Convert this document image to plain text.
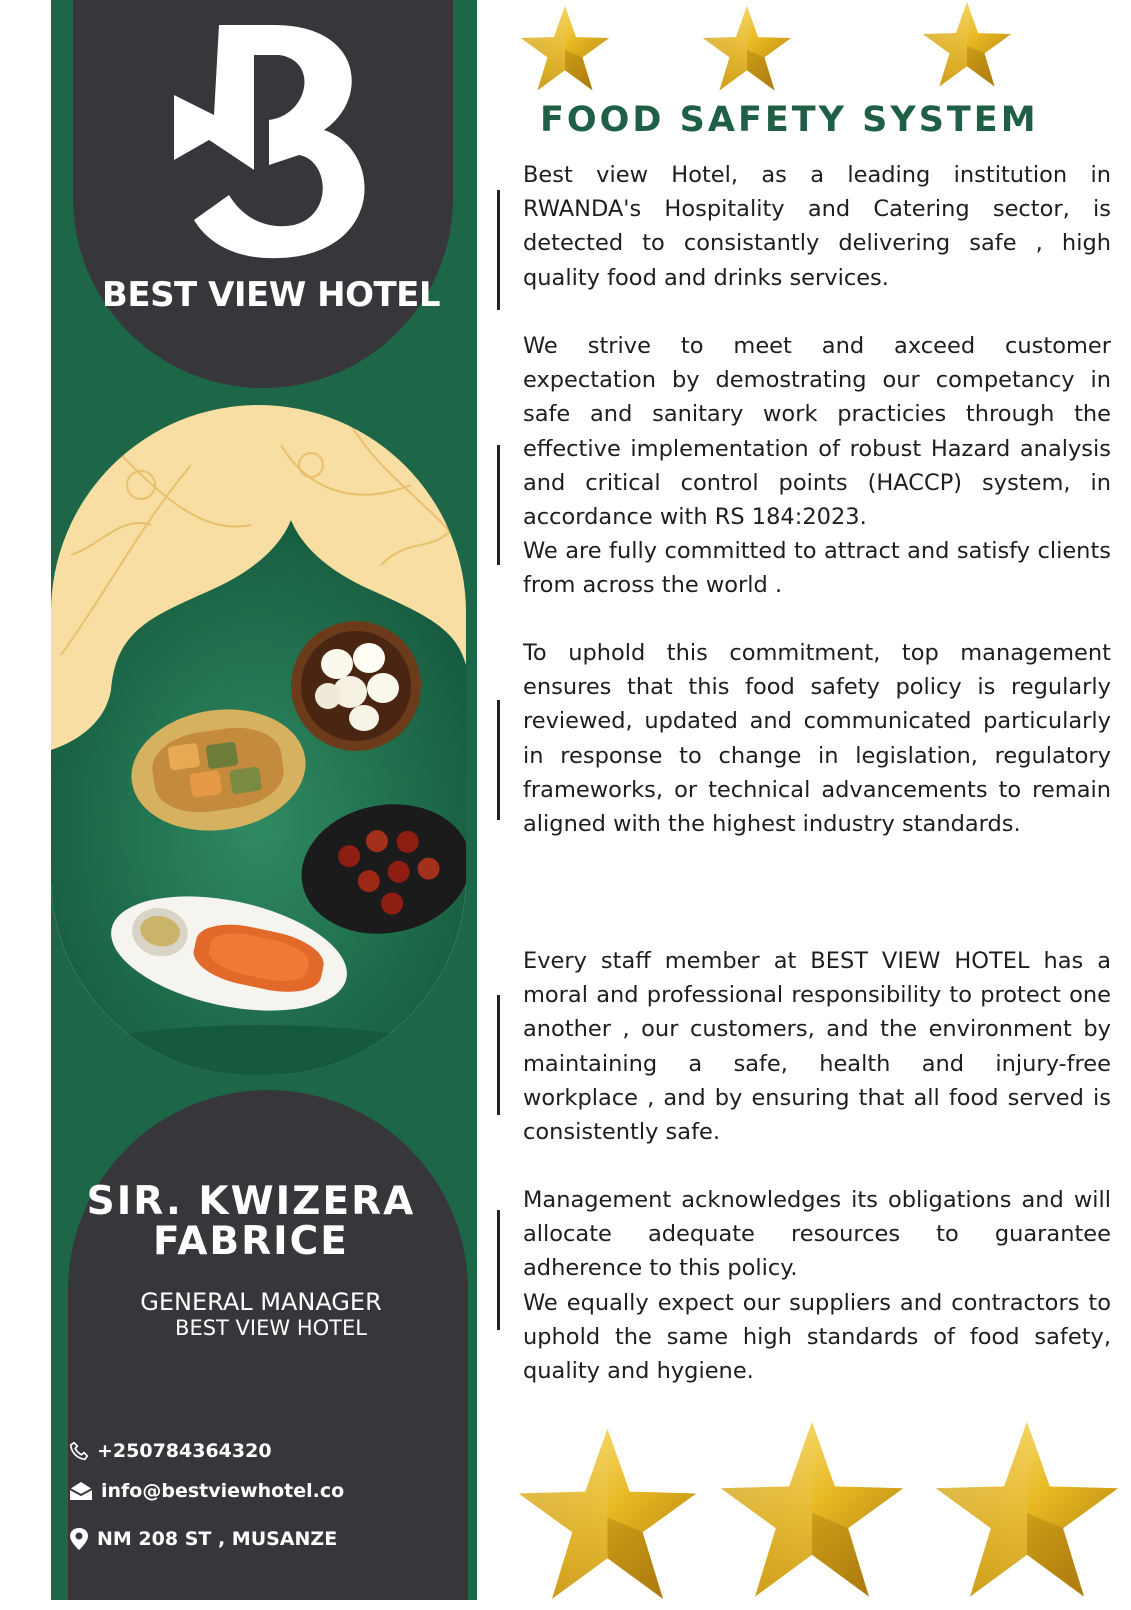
BEST VIEW HOTEL
SIR. KWIZERA
FABRICE
GENERAL MANAGER
BEST VIEW HOTEL
+250784364320
info@bestviewhotel.co
NM 208 ST , MUSANZE
FOOD SAFETY SYSTEM
Best view Hotel, as a leading institution in RWANDA's Hospitality and Catering sector, is detected to consistantly delivering safe , high quality food and drinks services.
We strive to meet and axceed customer expectation by demostrating our competancy in safe and sanitary work practicies through the effective implementation of robust Hazard analysis and critical control points (HACCP) system, in accordance with RS 184:2023.
We are fully committed to attract and satisfy clients from across the world .
To uphold this commitment, top management ensures that this food safety policy is regularly reviewed, updated and communicated particularly in response to change in legislation, regulatory frameworks, or technical advancements to remain aligned with the highest industry standards.
Every staff member at BEST VIEW HOTEL has a moral and professional responsibility to protect one another , our customers, and the environment by maintaining a safe, health and injury-free workplace , and by ensuring that all food served is consistently safe.
Management acknowledges its obligations and will allocate adequate resources to guarantee adherence to this policy.
We equally expect our suppliers and contractors to uphold the same high standards of food safety, quality and hygiene.
